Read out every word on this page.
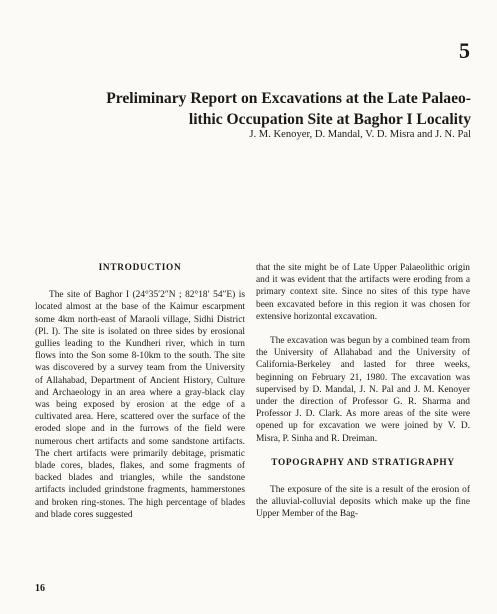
5
Preliminary Report on Excavations at the Late Palaeo-
lithic Occupation Site at Baghor I Locality
J. M. Kenoyer, D. Mandal, V. D. Misra and J. N. Pal
INTRODUCTION

The site of Baghor I (24°35′2″N ; 82°18′ 54″E) is located almost at the base of the Kaimur escarpment some 4km north-east of Maraoli village, Sidhi District (Pl. I). The site is isolated on three sides by erosional gullies leading to the Kundheri river, which in turn flows into the Son some 8-10km to the south. The site was discovered by a survey team from the University of Allahabad, Department of Ancient History, Culture and Archaeology in an area where a gray-black clay was being exposed by erosion at the edge of a cultivated area. Here, scattered over the surface of the eroded slope and in the furrows of the field were numerous chert artifacts and some sandstone artifacts. The chert artifacts were primarily debitage, prismatic blade cores, blades, flakes, and some fragments of backed blades and triangles, while the sandstone artifacts included grindstone fragments, hammerstones and broken ring-stones. The high percentage of blades and blade cores suggested

that the site might be of Late Upper Palaeolithic origin and it was evident that the artifacts were eroding from a primary context site. Since no sites of this type have been excavated before in this region it was chosen for extensive horizontal excavation.

The excavation was begun by a combined team from the University of Allahabad and the University of California-Berkeley and lasted for three weeks, beginning on February 21, 1980. The excavation was supervised by D. Mandal, J. N. Pal and J. M. Kenoyer under the direction of Professor G. R. Sharma and Professor J. D. Clark. As more areas of the site were opened up for excavation we were joined by V. D. Misra, P. Sinha and R. Dreiman.

TOPOGRAPHY AND STRATIGRAPHY

The exposure of the site is a result of the erosion of the alluvial-colluvial deposits which make up the fine Upper Member of the Bag-

16
